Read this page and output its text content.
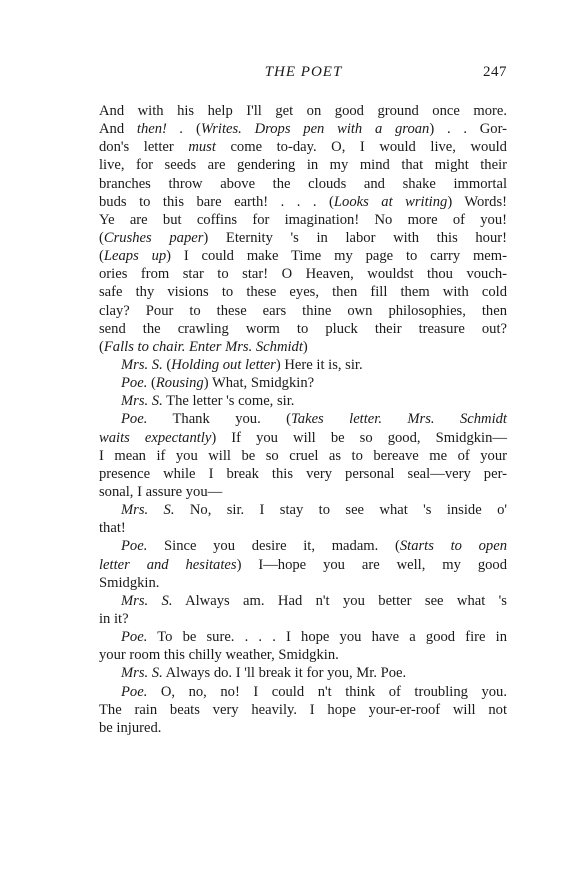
THE POET	247
And with his help I'll get on good ground once more.
And then! . (Writes. Drops pen with a groan) . . Gor-
don's letter must come to-day. O, I would live, would
live, for seeds are gendering in my mind that might their
branches throw above the clouds and shake immortal
buds to this bare earth! . . . (Looks at writing) Words!
Ye are but coffins for imagination! No more of you!
(Crushes paper) Eternity 's in labor with this hour!
(Leaps up) I could make Time my page to carry mem-
ories from star to star! O Heaven, wouldst thou vouch-
safe thy visions to these eyes, then fill them with cold
clay? Pour to these ears thine own philosophies, then
send the crawling worm to pluck their treasure out?
(Falls to chair. Enter Mrs. Schmidt)
Mrs. S. (Holding out letter) Here it is, sir.
Poe. (Rousing) What, Smidgkin?
Mrs. S. The letter 's come, sir.
Poe. Thank you. (Takes letter. Mrs. Schmidt
waits expectantly) If you will be so good, Smidgkin—
I mean if you will be so cruel as to bereave me of your
presence while I break this very personal seal—very per-
sonal, I assure you—
Mrs. S. No, sir. I stay to see what 's inside o'
that!
Poe. Since you desire it, madam. (Starts to open
letter and hesitates) I—hope you are well, my good
Smidgkin.
Mrs. S. Always am. Had n't you better see what 's
in it?
Poe. To be sure. . . . I hope you have a good fire in
your room this chilly weather, Smidgkin.
Mrs. S. Always do. I 'll break it for you, Mr. Poe.
Poe. O, no, no! I could n't think of troubling you.
The rain beats very heavily. I hope your-er-roof will not
be injured.
